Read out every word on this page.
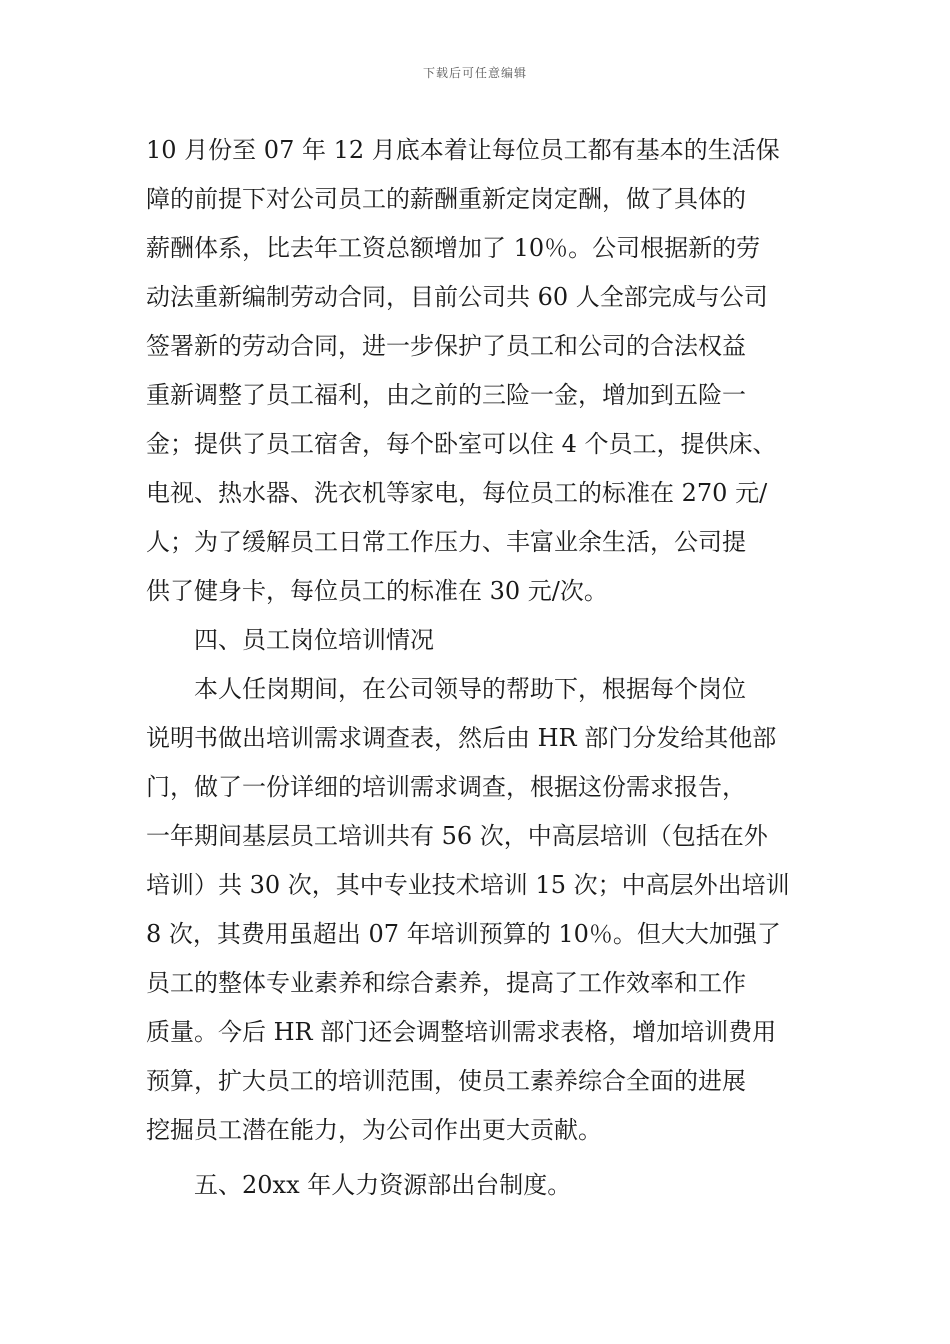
下载后可任意编辑
10 月份至 07 年 12 月底本着让每位员工都有基本的生活保
障的前提下对公司员工的薪酬重新定岗定酬，做了具体的
薪酬体系，比去年工资总额增加了 10％。公司根据新的劳
动法重新编制劳动合同，目前公司共 60 人全部完成与公司
签署新的劳动合同，进一步保护了员工和公司的合法权益
重新调整了员工福利，由之前的三险一金，增加到五险一
金；提供了员工宿舍，每个卧室可以住 4 个员工，提供床、
电视、热水器、洗衣机等家电，每位员工的标准在 270 元/
人；为了缓解员工日常工作压力、丰富业余生活，公司提
供了健身卡，每位员工的标准在 30 元/次。
四、员工岗位培训情况
本人任岗期间，在公司领导的帮助下，根据每个岗位
说明书做出培训需求调查表，然后由 HR 部门分发给其他部
门，做了一份详细的培训需求调查，根据这份需求报告，
一年期间基层员工培训共有 56 次，中高层培训（包括在外
培训）共 30 次，其中专业技术培训 15 次；中高层外出培训
8 次，其费用虽超出 07 年培训预算的 10％。但大大加强了
员工的整体专业素养和综合素养，提高了工作效率和工作
质量。今后 HR 部门还会调整培训需求表格，增加培训费用
预算，扩大员工的培训范围，使员工素养综合全面的进展
挖掘员工潜在能力，为公司作出更大贡献。
五、20xx 年人力资源部出台制度。
